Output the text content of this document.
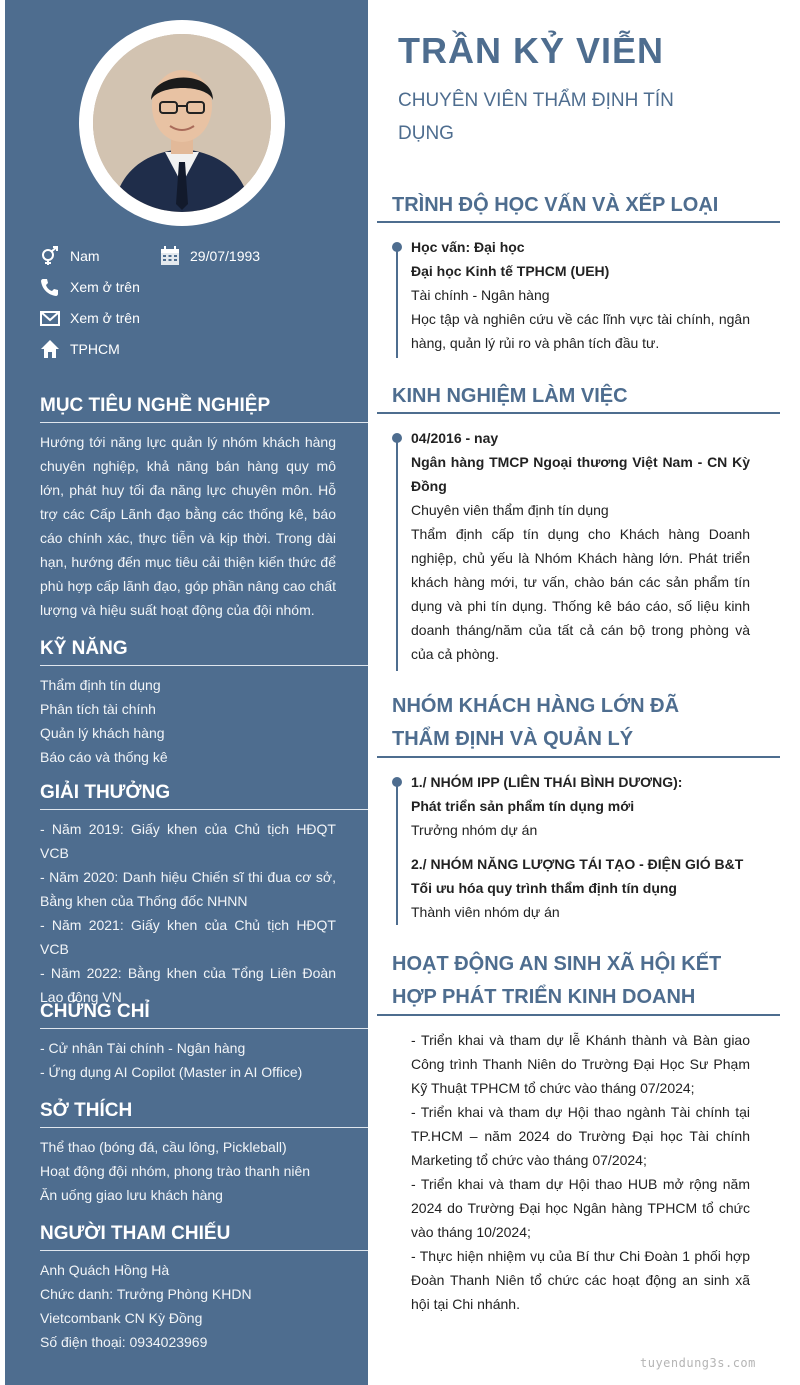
Nam	29/07/1993
Xem ở trên
Xem ở trên
TPHCM
MỤC TIÊU NGHỀ NGHIỆP
Hướng tới năng lực quản lý nhóm khách hàng chuyên nghiệp, khả năng bán hàng quy mô lớn, phát huy tối đa năng lực chuyên môn. Hỗ trợ các Cấp Lãnh đạo bằng các thống kê, báo cáo chính xác, thực tiễn và kịp thời. Trong dài hạn, hướng đến mục tiêu cải thiện kiến thức để phù hợp cấp lãnh đạo, góp phần nâng cao chất lượng và hiệu suất hoạt động của đội nhóm.
KỸ NĂNG
Thẩm định tín dụng
Phân tích tài chính
Quản lý khách hàng
Báo cáo và thống kê
GIẢI THƯỞNG
- Năm 2019: Giấy khen của Chủ tịch HĐQT VCB
- Năm 2020: Danh hiệu Chiến sĩ thi đua cơ sở, Bằng khen của Thống đốc NHNN
- Năm 2021: Giấy khen của Chủ tịch HĐQT VCB
- Năm 2022: Bằng khen của Tổng Liên Đoàn Lao động VN
CHỨNG CHỈ
- Cử nhân Tài chính - Ngân hàng
- Ứng dụng AI Copilot (Master in AI Office)
SỞ THÍCH
Thể thao (bóng đá, cầu lông, Pickleball)
Hoạt động đội nhóm, phong trào thanh niên
Ăn uống giao lưu khách hàng
NGƯỜI THAM CHIẾU
Anh Quách Hồng Hà
Chức danh: Trưởng Phòng KHDN Vietcombank CN Kỳ Đồng
Số điện thoại: 0934023969
TRẦN KỶ VIỄN
CHUYÊN VIÊN THẨM ĐỊNH TÍN DỤNG
TRÌNH ĐỘ HỌC VẤN VÀ XẾP LOẠI
Học vấn: Đại học
Đại học Kinh tế TPHCM (UEH)
Tài chính - Ngân hàng
Học tập và nghiên cứu về các lĩnh vực tài chính, ngân hàng, quản lý rủi ro và phân tích đầu tư.
KINH NGHIỆM LÀM VIỆC
04/2016 - nay
Ngân hàng TMCP Ngoại thương Việt Nam - CN Kỳ Đồng
Chuyên viên thẩm định tín dụng
Thẩm định cấp tín dụng cho Khách hàng Doanh nghiệp, chủ yếu là Nhóm Khách hàng lớn. Phát triển khách hàng mới, tư vấn, chào bán các sản phẩm tín dụng và phi tín dụng. Thống kê báo cáo, số liệu kinh doanh tháng/năm của tất cả cán bộ trong phòng và của cả phòng.
NHÓM KHÁCH HÀNG LỚN ĐÃ THẨM ĐỊNH VÀ QUẢN LÝ
1./ NHÓM IPP (LIÊN THÁI BÌNH DƯƠNG):
Phát triển sản phẩm tín dụng mới
Trưởng nhóm dự án
2./ NHÓM NĂNG LƯỢNG TÁI TẠO - ĐIỆN GIÓ B&T
Tối ưu hóa quy trình thẩm định tín dụng
Thành viên nhóm dự án
HOẠT ĐỘNG AN SINH XÃ HỘI KẾT HỢP PHÁT TRIỂN KINH DOANH
- Triển khai và tham dự lễ Khánh thành và Bàn giao Công trình Thanh Niên do Trường Đại Học Sư Phạm Kỹ Thuật TPHCM tổ chức vào tháng 07/2024;
- Triển khai và tham dự Hội thao ngành Tài chính tại TP.HCM – năm 2024 do Trường Đại học Tài chính Marketing tổ chức vào tháng 07/2024;
- Triển khai và tham dự Hội thao HUB mở rộng năm 2024 do Trường Đại học Ngân hàng TPHCM tổ chức vào tháng 10/2024;
- Thực hiện nhiệm vụ của Bí thư Chi Đoàn 1 phối hợp Đoàn Thanh Niên tổ chức các hoạt động an sinh xã hội tại Chi nhánh.
tuyendung3s.com
